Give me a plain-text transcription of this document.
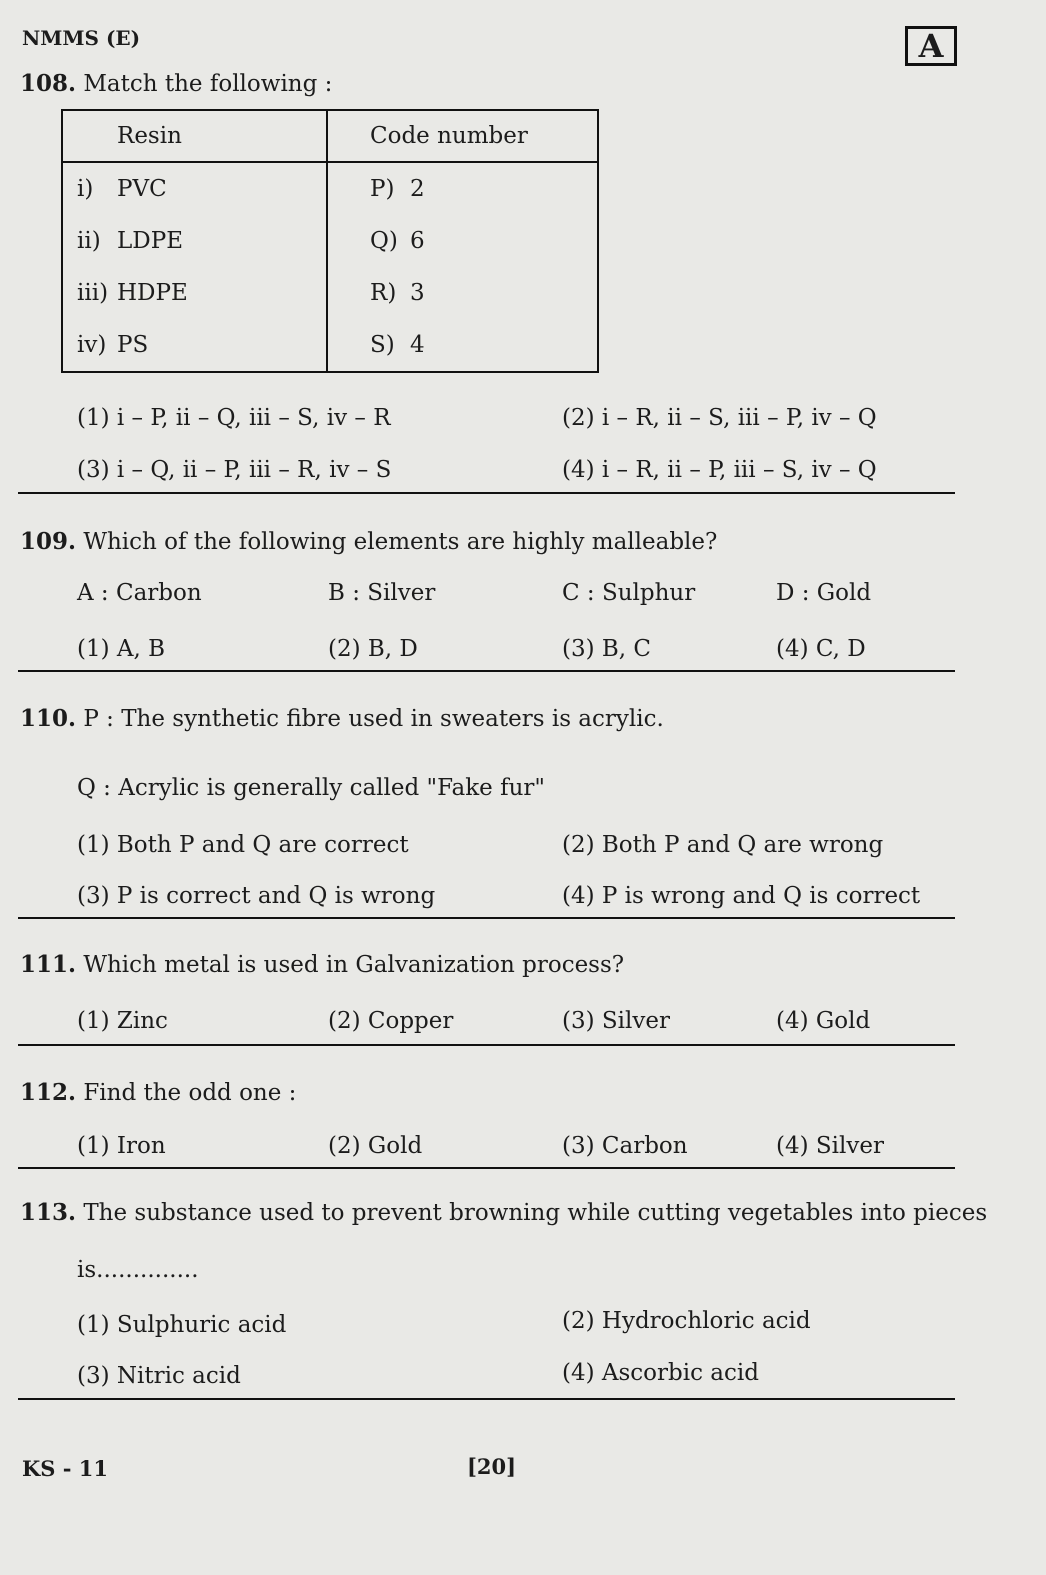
NMMS (E)	A
108. Match the following :
Resin	Code number
i) PVC	P) 2
ii) LDPE	Q) 6
iii) HDPE	R) 3
iv) PS	S) 4
(1) i – P, ii – Q, iii – S, iv – R	(2) i – R, ii – S, iii – P, iv – Q
(3) i – Q, ii – P, iii – R, iv – S	(4) i – R, ii – P, iii – S, iv – Q
109. Which of the following elements are highly malleable?
A : Carbon	B : Silver	C : Sulphur	D : Gold
(1) A, B	(2) B, D	(3) B, C	(4) C, D
110. P : The synthetic fibre used in sweaters is acrylic.
Q : Acrylic is generally called "Fake fur"
(1) Both P and Q are correct	(2) Both P and Q are wrong
(3) P is correct and Q is wrong	(4) P is wrong and Q is correct
111. Which metal is used in Galvanization process?
(1) Zinc	(2) Copper	(3) Silver	(4) Gold
112. Find the odd one :
(1) Iron	(2) Gold	(3) Carbon	(4) Silver
113. The substance used to prevent browning while cutting vegetables into pieces
is..............
(1) Sulphuric acid	(2) Hydrochloric acid
(3) Nitric acid	(4) Ascorbic acid
KS - 11	[20]
